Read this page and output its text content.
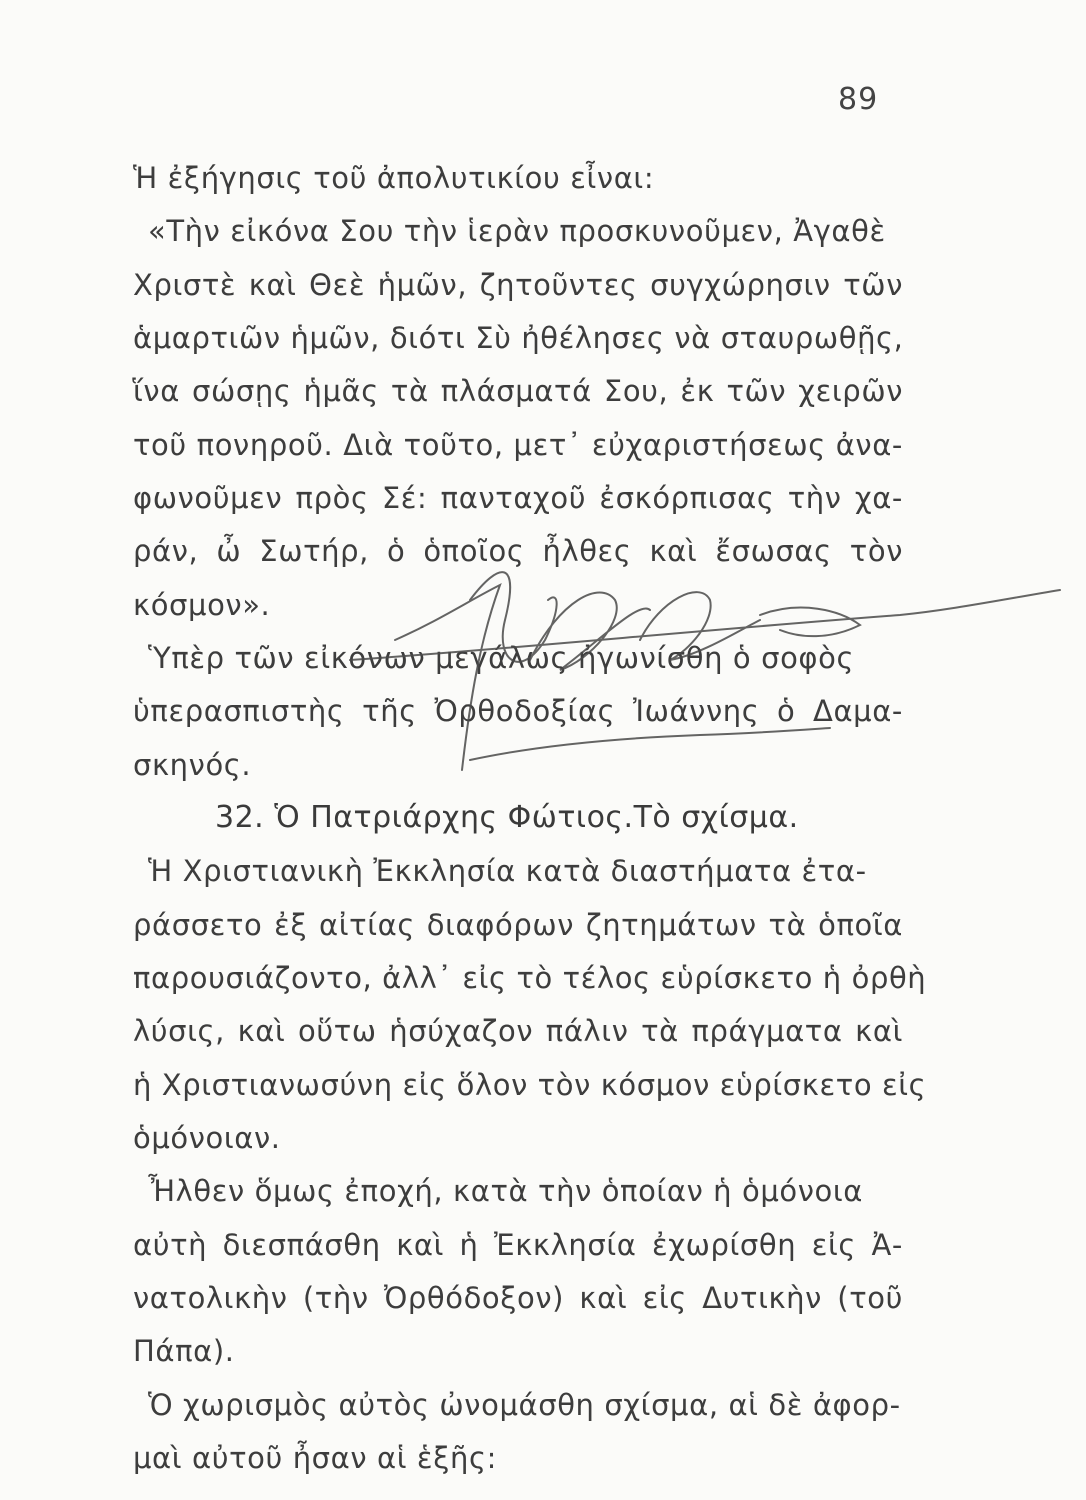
89
Ἡ ἐξήγησις τοῦ ἀπολυτικίου εἶναι:
«Τὴν εἰκόνα Σου τὴν ἱερὰν προσκυνοῦμεν, Ἀγαθὲ
Χριστὲ καὶ Θεὲ ἡμῶν, ζητοῦντες συγχώρησιν τῶν
ἁμαρτιῶν ἡμῶν, διότι Σὺ ἠθέλησες νὰ σταυρωθῇς,
ἵνα σώσῃς ἡμᾶς τὰ πλάσματά Σου, ἐκ τῶν χειρῶν
τοῦ πονηροῦ. Διὰ τοῦτο, μετ᾽ εὐχαριστήσεως ἀνα-
φωνοῦμεν πρὸς Σέ: πανταχοῦ ἐσκόρπισας τὴν χα-
ράν, ὦ Σωτήρ, ὁ ὁποῖος ἦλθες καὶ ἔσωσας τὸν
κόσμον».
Ὑπὲρ τῶν εἰκόνων μεγάλως ἠγωνίσθη ὁ σοφὸς
ὑπερασπιστὴς τῆς Ὀρθοδοξίας Ἰωάννης ὁ Δαμα-
σκηνός.
32. Ὁ Πατριάρχης Φώτιος.Τὸ σχίσμα.
Ἡ Χριστιανικὴ Ἐκκλησία κατὰ διαστήματα ἐτα-
ράσσετο ἐξ αἰτίας διαφόρων ζητημάτων τὰ ὁποῖα
παρουσιάζοντο, ἀλλ᾽ εἰς τὸ τέλος εὑρίσκετο ἡ ὀρθὴ
λύσις, καὶ οὕτω ἡσύχαζον πάλιν τὰ πράγματα καὶ
ἡ Χριστιανωσύνη εἰς ὅλον τὸν κόσμον εὑρίσκετο εἰς
ὁμόνοιαν.
Ἦλθεν ὅμως ἐποχή, κατὰ τὴν ὁποίαν ἡ ὁμόνοια
αὐτὴ διεσπάσθη καὶ ἡ Ἐκκλησία ἐχωρίσθη εἰς Ἀ-
νατολικὴν (τὴν Ὀρθόδοξον) καὶ εἰς Δυτικὴν (τοῦ
Πάπα).
Ὁ χωρισμὸς αὐτὸς ὠνομάσθη σχίσμα, αἱ δὲ ἀφορ-
μαὶ αὐτοῦ ἦσαν αἱ ἑξῆς:
